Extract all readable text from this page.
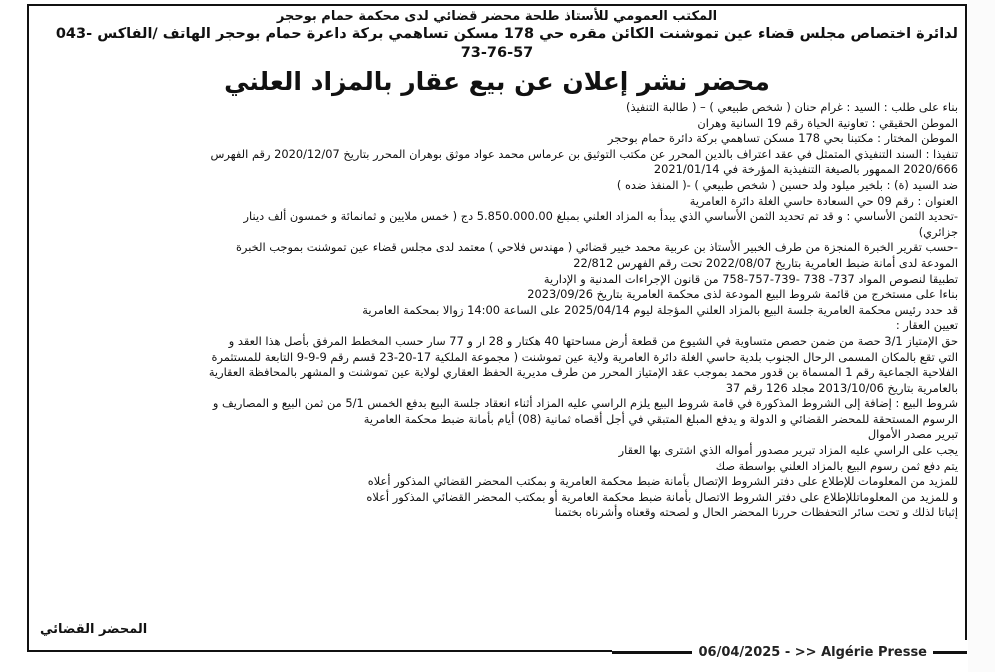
المكتب العمومي للأستاذ طلحة محضر قضائي لدى محكمة حمام بوحجر
لدائرة اختصاص مجلس قضاء عين تموشنت الكائن مقره حي 178 مسكن تساهمي بركة داعرة حمام بوحجر الهاتف /الفاكس -043
73-76-57
محضر نشر إعلان عن بيع عقار بالمزاد العلني
بناء على طلب : السيد : غرام حنان ( شخص طبيعي ) – ( طالبة التنفيذ)
الموطن الحقيقي : تعاونية الحياة رقم 19 السانية وهران
الموطن المختار : مكتبنا بحي 178 مسكن تساهمي بركة دائرة حمام بوحجر
تنفيذا : السند التنفيذي المتمثل في عقد اعتراف بالدين المحرر عن مكتب التوثيق بن عرماس محمد عواد موثق بوهران المحرر بتاريخ 2020/12/07 رقم الفهرس
2020/666 الممهور بالصيغة التنفيذية المؤرخة في 2021/01/14
ضد السيد (ة) : بلخير ميلود ولد حسين ( شخص طبيعي ) -( المنفذ ضده )
العنوان : رقم 09 حي السعادة حاسي الغلة دائرة العامرية
-تحديد الثمن الأساسي : و قد تم تحديد الثمن الأساسي الذي يبدأ به المزاد العلني بمبلغ 5.850.000.00 دج ( خمس ملايين و ثمانمائة و خمسون ألف دينار
جزائري)
-حسب تقرير الخبرة المنجزة من طرف الخبير الأستاذ بن عربية محمد خيير قضائي ( مهندس فلاحي ) معتمد لدى مجلس قضاء عين تموشنت بموجب الخبرة
المودعة لدى أمانة ضبط العامرية بتاريخ 2022/08/07 تحت رقم الفهرس 22/812
تطبيقا لنصوص المواد 737- 738 -739-757-758 من قانون الإجراءات المدنية و الإدارية
بناءا على مستخرج من قائمة شروط البيع المودعة لذى محكمة العامرية بتاريخ 2023/09/26
قد حدد رئيس محكمة العامرية جلسة البيع بالمزاد العلني المؤجلة ليوم 2025/04/14 على الساعة 14:00 زوالا بمحكمة العامرية
تعيين العقار :
حق الإمتياز 3/1 حصة من ضمن حصص متساوية في الشيوع من قطعة أرض مساحتها 40 هكتار و 28 ار و 77 سار حسب المخطط المرفق بأصل هذا العقد و
التي تقع بالمكان المسمى الرحال الجنوب بلدية حاسي الغلة دائرة العامرية ولاية عين تموشنت ( مجموعة الملكية 17-20-23 قسم رقم 9-9-9 التابعة للمستثمرة
الفلاحية الجماعية رقم 1 المسماة بن قدور محمد بموجب عقد الإمتياز المحرر من طرف مديرية الحفظ العقاري لولاية عين تموشنت و المشهر بالمحافظة العقارية
بالعامرية بتاريخ 2013/10/06 مجلد 126 رقم 37
شروط البيع : إضافة إلى الشروط المذكورة في قامة شروط البيع يلزم الراسي عليه المزاد أثناء انعقاد جلسة البيع بدفع الخمس 5/1 من ثمن البيع و المصاريف و
الرسوم المستحقة للمحضر القضائي و الدولة و يدفع المبلغ المتبقي في أجل أقصاه ثمانية (08) أيام بأمانة ضبط محكمة العامرية
تبرير مصدر الأموال
يجب على الراسي عليه المزاد تبرير مصدور أمواله الذي اشترى بها العقار
يتم دفع ثمن رسوم البيع بالمزاد العلني بواسطة صك
للمزيد من المعلومات للإطلاع على دفتر الشروط الإتصال بأمانة ضبط محكمة العامرية و بمكتب المحضر القضائي المذكور أعلاه
و للمزيد من المعلوماتللإطلاع على دفتر الشروط الاتصال بأمانة ضبط محكمة العامرية أو بمكتب المحضر القضائي المذكور أعلاه
إثباتا لذلك و تحت سائر التحفظات حررنا المحضر الحال و لصحته وقعناه وأشرناه بختمنا
المحضر القضائي
06/04/2025 - >> Algérie Presse
